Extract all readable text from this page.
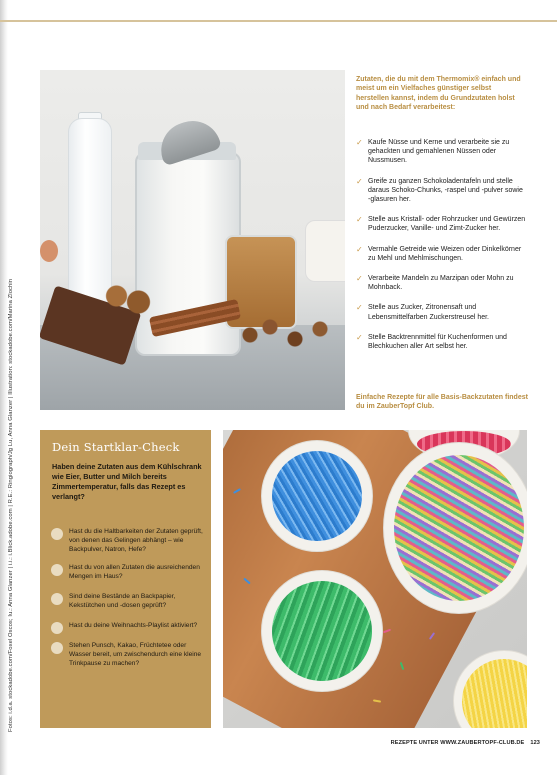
Fotos: i.d.a. stockadobe.com/Foxel Oscos; Iu.: Anna Glanzer | i.i.: i.Blick.adobe.com | R.E.: Ringiograph/Jg Lu, Anna Glanzer | Illustration: stockadobe.com/Marina Zlochin
Zutaten, die du mit dem Thermomix® einfach und meist um ein Vielfaches günstiger selbst herstellen kannst, indem du Grundzutaten holst und nach Bedarf verarbeitest:
✓ Kaufe Nüsse und Kerne und verarbeite sie zu gehackten und gemahlenen Nüssen oder Nussmusen.
✓ Greife zu ganzen Schokoladentafeln und stelle daraus Schoko-Chunks, -raspel und -pulver sowie -glasuren her.
✓ Stelle aus Kristall- oder Rohrzucker und Gewürzen Puderzucker, Vanille- und Zimt-Zucker her.
✓ Vermahle Getreide wie Weizen oder Dinkelkörner zu Mehl und Mehlmischungen.
✓ Verarbeite Mandeln zu Marzipan oder Mohn zu Mohnback.
✓ Stelle aus Zucker, Zitronensaft und Lebensmittelfarben Zuckerstreusel her.
✓ Stelle Backtrennmittel für Kuchenformen und Blechkuchen aller Art selbst her.
Einfache Rezepte für alle Basis-Backzutaten findest du im ZauberTopf Club.
Dein Startklar-Check
Haben deine Zutaten aus dem Kühlschrank wie Eier, Butter und Milch bereits Zimmertemperatur, falls das Rezept es verlangt?
Hast du die Haltbarkeiten der Zutaten geprüft, von denen das Gelingen abhängt – wie Backpulver, Natron, Hefe?
Hast du von allen Zutaten die ausreichenden Mengen im Haus?
Sind deine Bestände an Backpapier, Kekstütchen und -dosen geprüft?
Hast du deine Weihnachts-Playlist aktiviert?
Stehen Punsch, Kakao, Früchtetee oder Wasser bereit, um zwischendurch eine kleine Trinkpause zu machen?
REZEPTE UNTER WWW.ZAUBERTOPF-CLUB.DE 123
